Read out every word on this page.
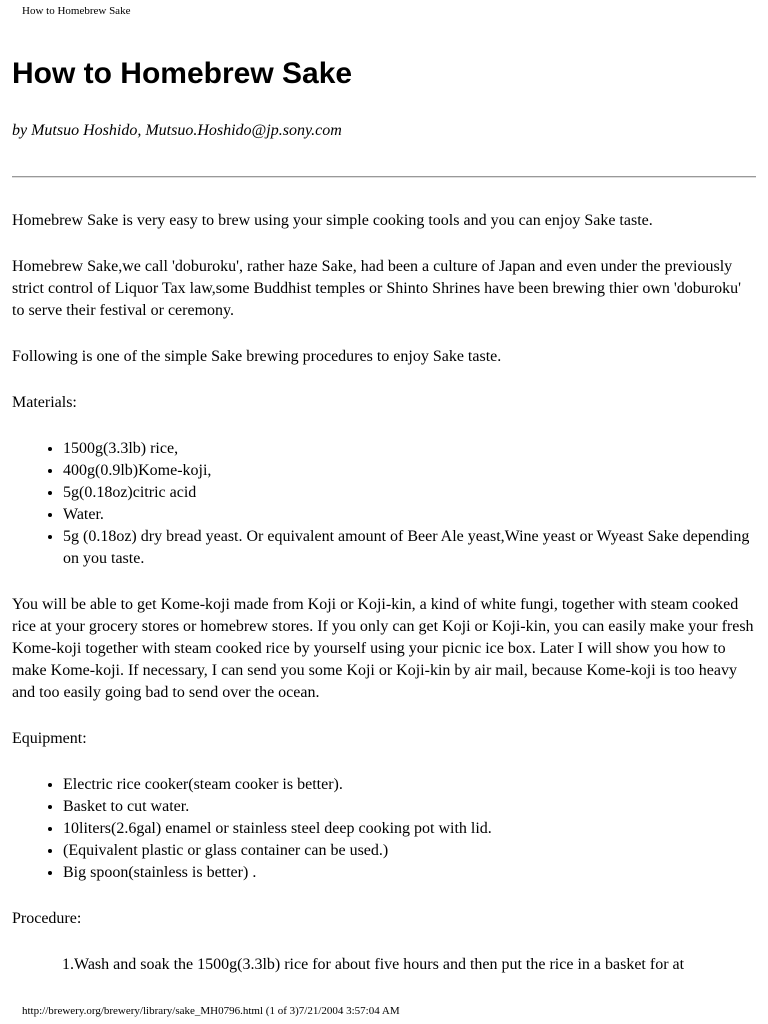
How to Homebrew Sake
How to Homebrew Sake
by Mutsuo Hoshido, Mutsuo.Hoshido@jp.sony.com

Homebrew Sake is very easy to brew using your simple cooking tools and you can enjoy Sake taste.

Homebrew Sake,we call 'doburoku', rather haze Sake, had been a culture of Japan and even under the previously strict control of Liquor Tax law,some Buddhist temples or Shinto Shrines have been brewing thier own 'doburoku' to serve their festival or ceremony.

Following is one of the simple Sake brewing procedures to enjoy Sake taste.

Materials:

• 1500g(3.3lb) rice,
• 400g(0.9lb)Kome-koji,
• 5g(0.18oz)citric acid
• Water.
• 5g (0.18oz) dry bread yeast. Or equivalent amount of Beer Ale yeast,Wine yeast or Wyeast Sake depending on you taste.

You will be able to get Kome-koji made from Koji or Koji-kin, a kind of white fungi, together with steam cooked rice at your grocery stores or homebrew stores. If you only can get Koji or Koji-kin, you can easily make your fresh Kome-koji together with steam cooked rice by yourself using your picnic ice box. Later I will show you how to make Kome-koji. If necessary, I can send you some Koji or Koji-kin by air mail, because Kome-koji is too heavy and too easily going bad to send over the ocean.

Equipment:

• Electric rice cooker(steam cooker is better).
• Basket to cut water.
• 10liters(2.6gal) enamel or stainless steel deep cooking pot with lid.
• (Equivalent plastic or glass container can be used.)
• Big spoon(stainless is better) .

Procedure:

1.Wash and soak the 1500g(3.3lb) rice for about five hours and then put the rice in a basket for at

http://brewery.org/brewery/library/sake_MH0796.html (1 of 3)7/21/2004 3:57:04 AM
